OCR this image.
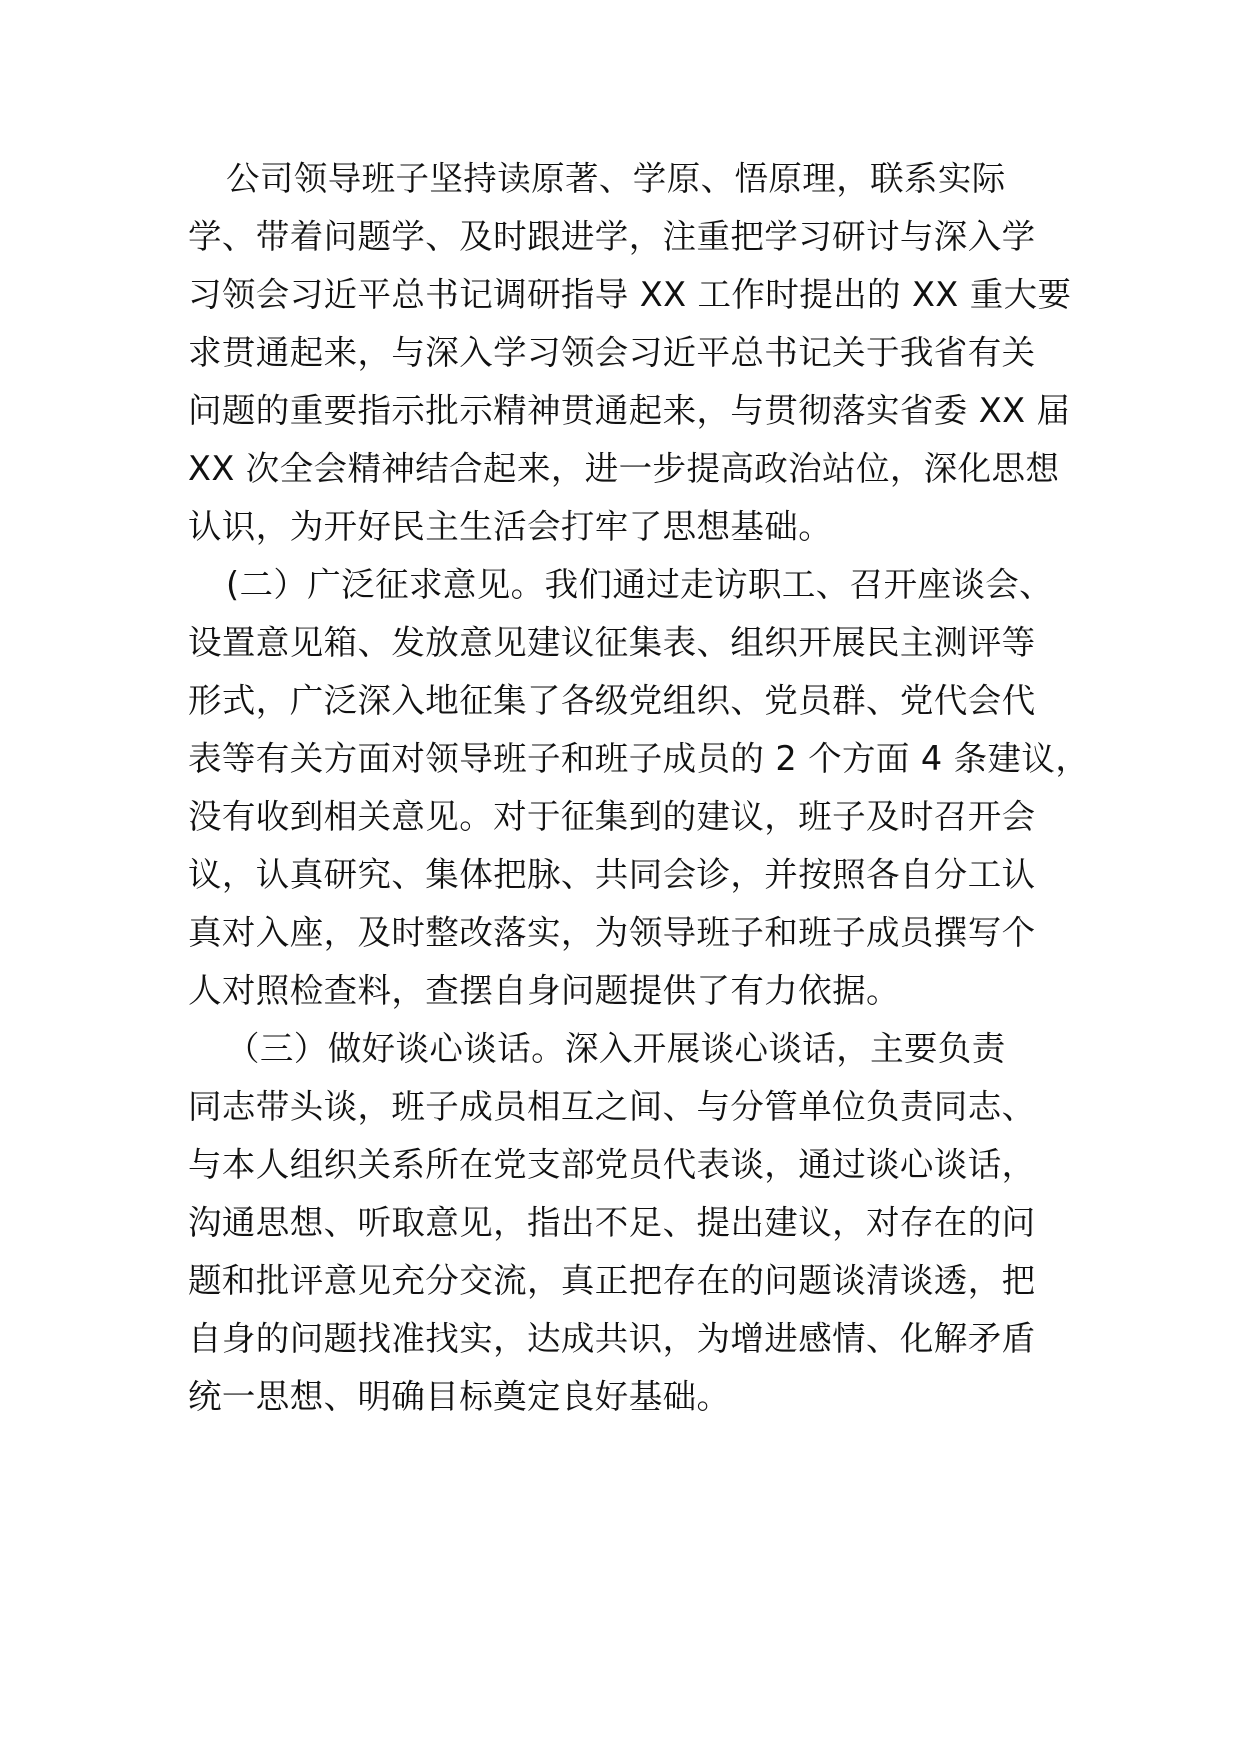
公司领导班子坚持读原著、学原、悟原理，联系实际
学、带着问题学、及时跟进学，注重把学习研讨与深入学
习领会习近平总书记调研指导 XX 工作时提出的 XX 重大要
求贯通起来，与深入学习领会习近平总书记关于我省有关
问题的重要指示批示精神贯通起来，与贯彻落实省委 XX 届
XX 次全会精神结合起来，进一步提高政治站位，深化思想
认识，为开好民主生活会打牢了思想基础。
(二）广泛征求意见。我们通过走访职工、召开座谈会、
设置意见箱、发放意见建议征集表、组织开展民主测评等
形式，广泛深入地征集了各级党组织、党员群、党代会代
表等有关方面对领导班子和班子成员的 2 个方面 4 条建议，
没有收到相关意见。对于征集到的建议，班子及时召开会
议，认真研究、集体把脉、共同会诊，并按照各自分工认
真对入座，及时整改落实，为领导班子和班子成员撰写个
人对照检查料，查摆自身问题提供了有力依据。
（三）做好谈心谈话。深入开展谈心谈话，主要负责
同志带头谈，班子成员相互之间、与分管单位负责同志、
与本人组织关系所在党支部党员代表谈，通过谈心谈话，
沟通思想、听取意见，指出不足、提出建议，对存在的问
题和批评意见充分交流，真正把存在的问题谈清谈透，把
自身的问题找准找实，达成共识，为增进感情、化解矛盾
统一思想、明确目标奠定良好基础。
